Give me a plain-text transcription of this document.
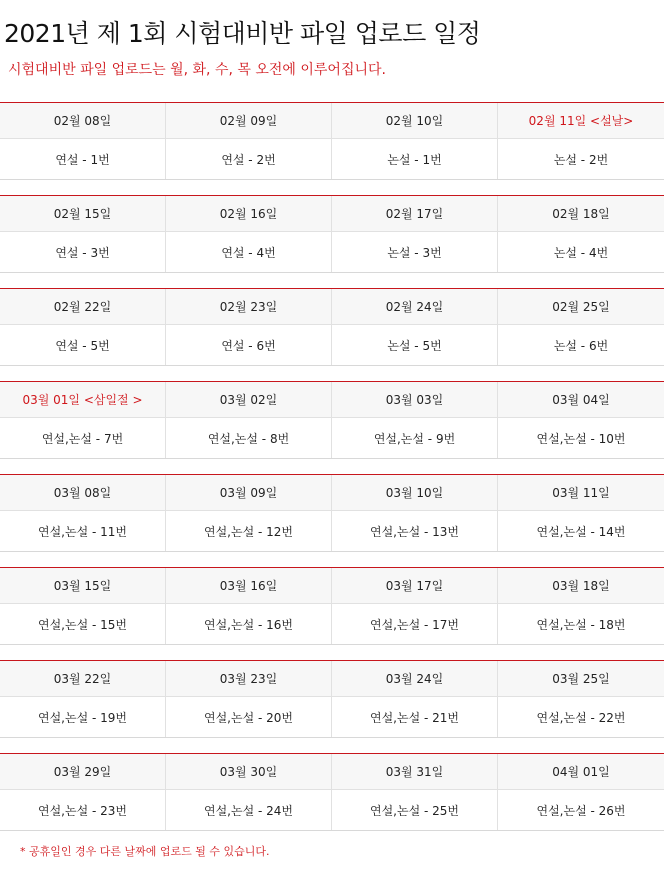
2021년 제 1회 시험대비반 파일 업로드 일정

시험대비반 파일 업로드는 월, 화, 수, 목 오전에 이루어집니다.

02월 08일	02월 09일	02월 10일	02월 11일 <설날>
연설 - 1번	연설 - 2번	논설 - 1번	논설 - 2번
02월 15일	02월 16일	02월 17일	02월 18일
연설 - 3번	연설 - 4번	논설 - 3번	논설 - 4번
02월 22일	02월 23일	02월 24일	02월 25일
연설 - 5번	연설 - 6번	논설 - 5번	논설 - 6번
03월 01일 <삼일절 >	03월 02일	03월 03일	03월 04일
연설,논설 - 7번	연설,논설 - 8번	연설,논설 - 9번	연설,논설 - 10번
03월 08일	03월 09일	03월 10일	03월 11일
연설,논설 - 11번	연설,논설 - 12번	연설,논설 - 13번	연설,논설 - 14번
03월 15일	03월 16일	03월 17일	03월 18일
연설,논설 - 15번	연설,논설 - 16번	연설,논설 - 17번	연설,논설 - 18번
03월 22일	03월 23일	03월 24일	03월 25일
연설,논설 - 19번	연설,논설 - 20번	연설,논설 - 21번	연설,논설 - 22번
03월 29일	03월 30일	03월 31일	04월 01일
연설,논설 - 23번	연설,논설 - 24번	연설,논설 - 25번	연설,논설 - 26번

* 공휴일인 경우 다른 날짜에 업로드 될 수 있습니다.
